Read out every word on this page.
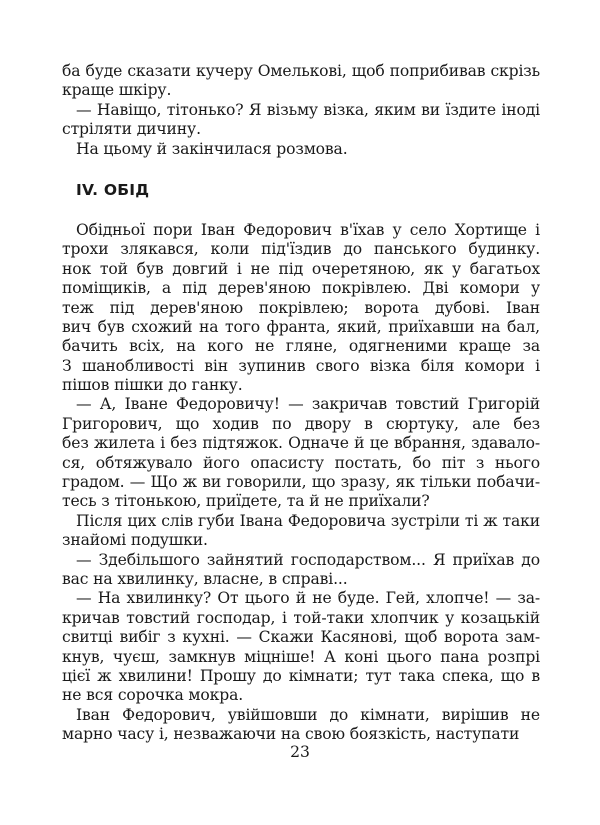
ба буде сказати кучеру Омелькові, щоб поприбивав скрізь
краще шкіру.
— Навіщо, тітонько? Я візьму візка, яким ви їздите іноді
стріляти дичину.
На цьому й закінчилася розмова.
IV. ОБІД
Обідньої пори Іван Федорович в'їхав у село Хортище і
трохи злякався, коли під'їздив до панського будинку.
нок той був довгий і не під очеретяною, як у багатьох
поміщиків, а під дерев'яною покрівлею. Дві комори у
теж під дерев'яною покрівлею; ворота дубові. Іван
вич був схожий на того франта, який, приїхавши на бал,
бачить всіх, на кого не гляне, одягненими краще за
З шанобливості він зупинив свого візка біля комори і
пішов пішки до ганку.
— А, Іване Федоровичу! — закричав товстий Григорій
Григорович, що ходив по двору в сюртуку, але без
без жилета і без підтяжок. Одначе й це вбрання, здавало-
ся, обтяжувало його опасисту постать, бо піт з нього
градом. — Що ж ви говорили, що зразу, як тільки побачи-
тесь з тітонькою, приїдете, та й не приїхали?
Після цих слів губи Івана Федоровича зустріли ті ж таки
знайомі подушки.
— Здебільшого зайнятий господарством... Я приїхав до
вас на хвилинку, власне, в справі...
— На хвилинку? От цього й не буде. Гей, хлопче! — за-
кричав товстий господар, і той-таки хлопчик у козацькій
свитці вибіг з кухні. — Скажи Касянові, щоб ворота зам-
кнув, чуєш, замкнув міцніше! А коні цього пана розпрі
цієї ж хвилини! Прошу до кімнати; тут така спека, що в
не вся сорочка мокра.
Іван Федорович, увійшовши до кімнати, вирішив не
марно часу і, незважаючи на свою боязкість, наступати
23
